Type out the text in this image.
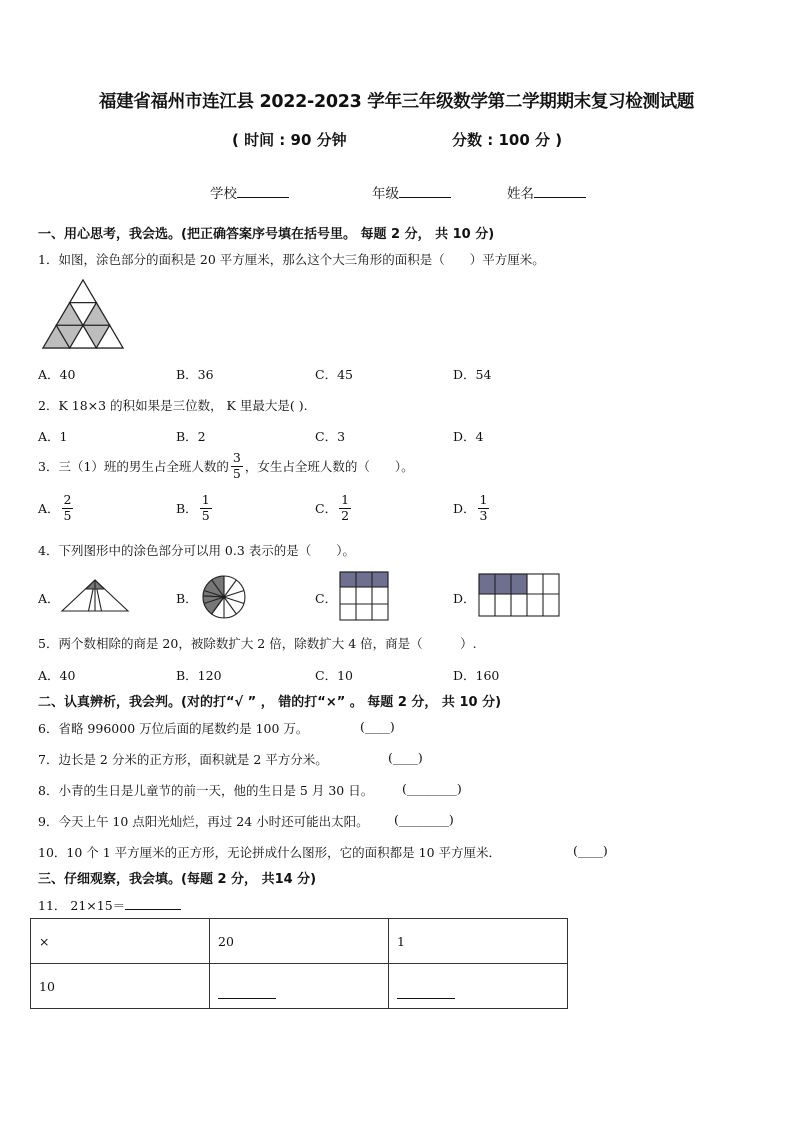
福建省福州市连江县 2022-2023 学年三年级数学第二学期期末复习检测试题
( 时间 : 90 分钟	分数 : 100 分 )
学校	年级	姓名
一、用心思考，我会选。(把正确答案序号填在括号里。 每题 2 分， 共 10 分)
1．如图，涂色部分的面积是 20 平方厘米，那么这个大三角形的面积是（　　）平方厘米。
A．40	B．36	C．45	D．54
2．K 18×3 的积如果是三位数， K 里最大是( ).
A．1	B．2	C．3	D．4
3．三（1）班的男生占全班人数的 $\frac{3}{5}$ ，女生占全班人数的（　　）。
A． $\frac{2}{5}$	B． $\frac{1}{5}$	C． $\frac{1}{2}$	D． $\frac{1}{3}$
4．下列图形中的涂色部分可以用 0.3 表示的是（　　）。
A．	B．	C．	D．
5．两个数相除的商是 20，被除数扩大 2 倍，除数扩大 4 倍，商是（　　　）.
A．40	B．120	C．10	D．160
二、认真辨析，我会判。(对的打“√ ” ， 错的打“×” 。 每题 2 分， 共 10 分)
6．省略 996000 万位后面的尾数约是 100 万。	(____)
7．边长是 2 分米的正方形，面积就是 2 平方分米。	(____)
8．小青的生日是儿童节的前一天，他的生日是 5 月 30 日。 (________)
9．今天上午 10 点阳光灿烂，再过 24 小时还可能出太阳。 (________)
10．10 个 1 平方厘米的正方形，无论拼成什么图形，它的面积都是 10 平方厘米．	(____)
三、仔细观察，我会填。(每题 2 分， 共14 分)
11． 21×15＝
×	20	1
10		
